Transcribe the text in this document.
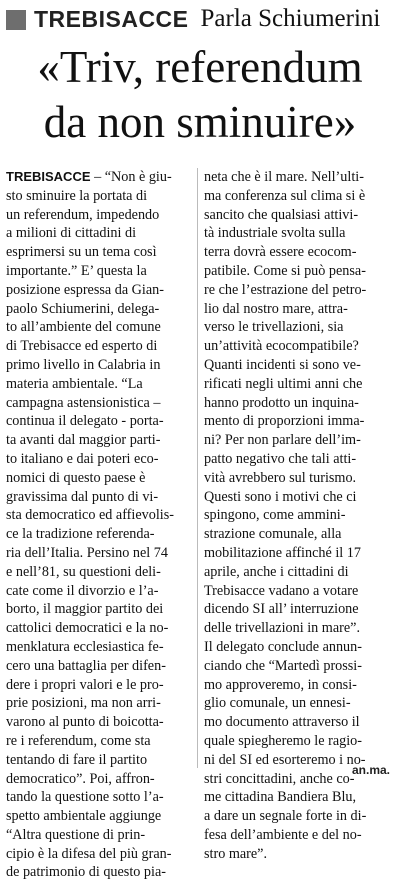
TREBISACCE Parla Schiumerini
«Triv, referendum
da non sminuire»
TREBISACCE – “Non è giu-
sto sminuire la portata di
un referendum, impedendo
a milioni di cittadini di
esprimersi su un tema così
importante.” E’ questa la
posizione espressa da Gian-
paolo Schiumerini, delega-
to all’ambiente del comune
di Trebisacce ed esperto di
primo livello in Calabria in
materia ambientale. “La
campagna astensionistica –
continua il delegato - porta-
ta avanti dal maggior parti-
to italiano e dai poteri eco-
nomici di questo paese è
gravissima dal punto di vi-
sta democratico ed affievolis-
ce la tradizione referenda-
ria dell’Italia. Persino nel 74
e nell’81, su questioni deli-
cate come il divorzio e l’a-
borto, il maggior partito dei
cattolici democratici e la no-
menklatura ecclesiastica fe-
cero una battaglia per difen-
dere i propri valori e le pro-
prie posizioni, ma non arri-
varono al punto di boicotta-
re i referendum, come sta
tentando di fare il partito
democratico”. Poi, affron-
tando la questione sotto l’a-
spetto ambientale aggiunge
“Altra questione di prin-
cipio è la difesa del più gran-
de patrimonio di questo pia-
neta che è il mare. Nell’ulti-
ma conferenza sul clima si è
sancito che qualsiasi attivi-
tà industriale svolta sulla
terra dovrà essere ecocom-
patibile. Come si può pensa-
re che l’estrazione del petro-
lio dal nostro mare, attra-
verso le trivellazioni, sia
un’attività ecocompatibile?
Quanti incidenti si sono ve-
rificati negli ultimi anni che
hanno prodotto un inquina-
mento di proporzioni imma-
ni? Per non parlare dell’im-
patto negativo che tali atti-
vità avrebbero sul turismo.
Questi sono i motivi che ci
spingono, come ammini-
strazione comunale, alla
mobilitazione affinché il 17
aprile, anche i cittadini di
Trebisacce vadano a votare
dicendo SI all’ interruzione
delle trivellazioni in mare”.
Il delegato conclude annun-
ciando che “Martedì prossi-
mo approveremo, in consi-
glio comunale, un ennesi-
mo documento attraverso il
quale spiegheremo le ragio-
ni del SI ed esorteremo i no-
stri concittadini, anche co-
me cittadina Bandiera Blu,
a dare un segnale forte in di-
fesa dell’ambiente e del no-
stro mare”.
an.ma.
